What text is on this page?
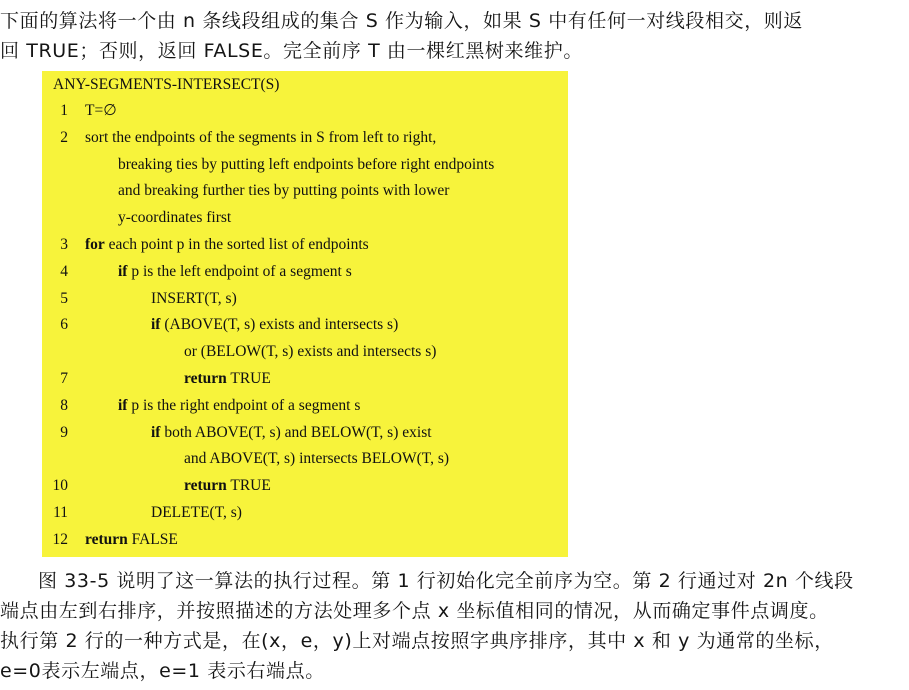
下面的算法将一个由 n 条线段组成的集合 S 作为输入，如果 S 中有任何一对线段相交，则返
回 TRUE；否则，返回 FALSE。完全前序 T 由一棵红黑树来维护。
ANY-SEGMENTS-INTERSECT(S)
1 T=∅
2 sort the endpoints of the segments in S from left to right,
breaking ties by putting left endpoints before right endpoints
and breaking further ties by putting points with lower
y-coordinates first
3 for each point p in the sorted list of endpoints
4	if p is the left endpoint of a segment s
5	INSERT(T, s)
6	if (ABOVE(T, s) exists and intersects s)
or (BELOW(T, s) exists and intersects s)
7	return TRUE
8	if p is the right endpoint of a segment s
9	if both ABOVE(T, s) and BELOW(T, s) exist
and ABOVE(T, s) intersects BELOW(T, s)
10	return TRUE
11	DELETE(T, s)
12 return FALSE
图 33-5 说明了这一算法的执行过程。第 1 行初始化完全前序为空。第 2 行通过对 2n 个线段
端点由左到右排序，并按照描述的方法处理多个点 x 坐标值相同的情况，从而确定事件点调度。
执行第 2 行的一种方式是，在(x，e，y)上对端点按照字典序排序，其中 x 和 y 为通常的坐标，
e=0表示左端点，e=1 表示右端点。
